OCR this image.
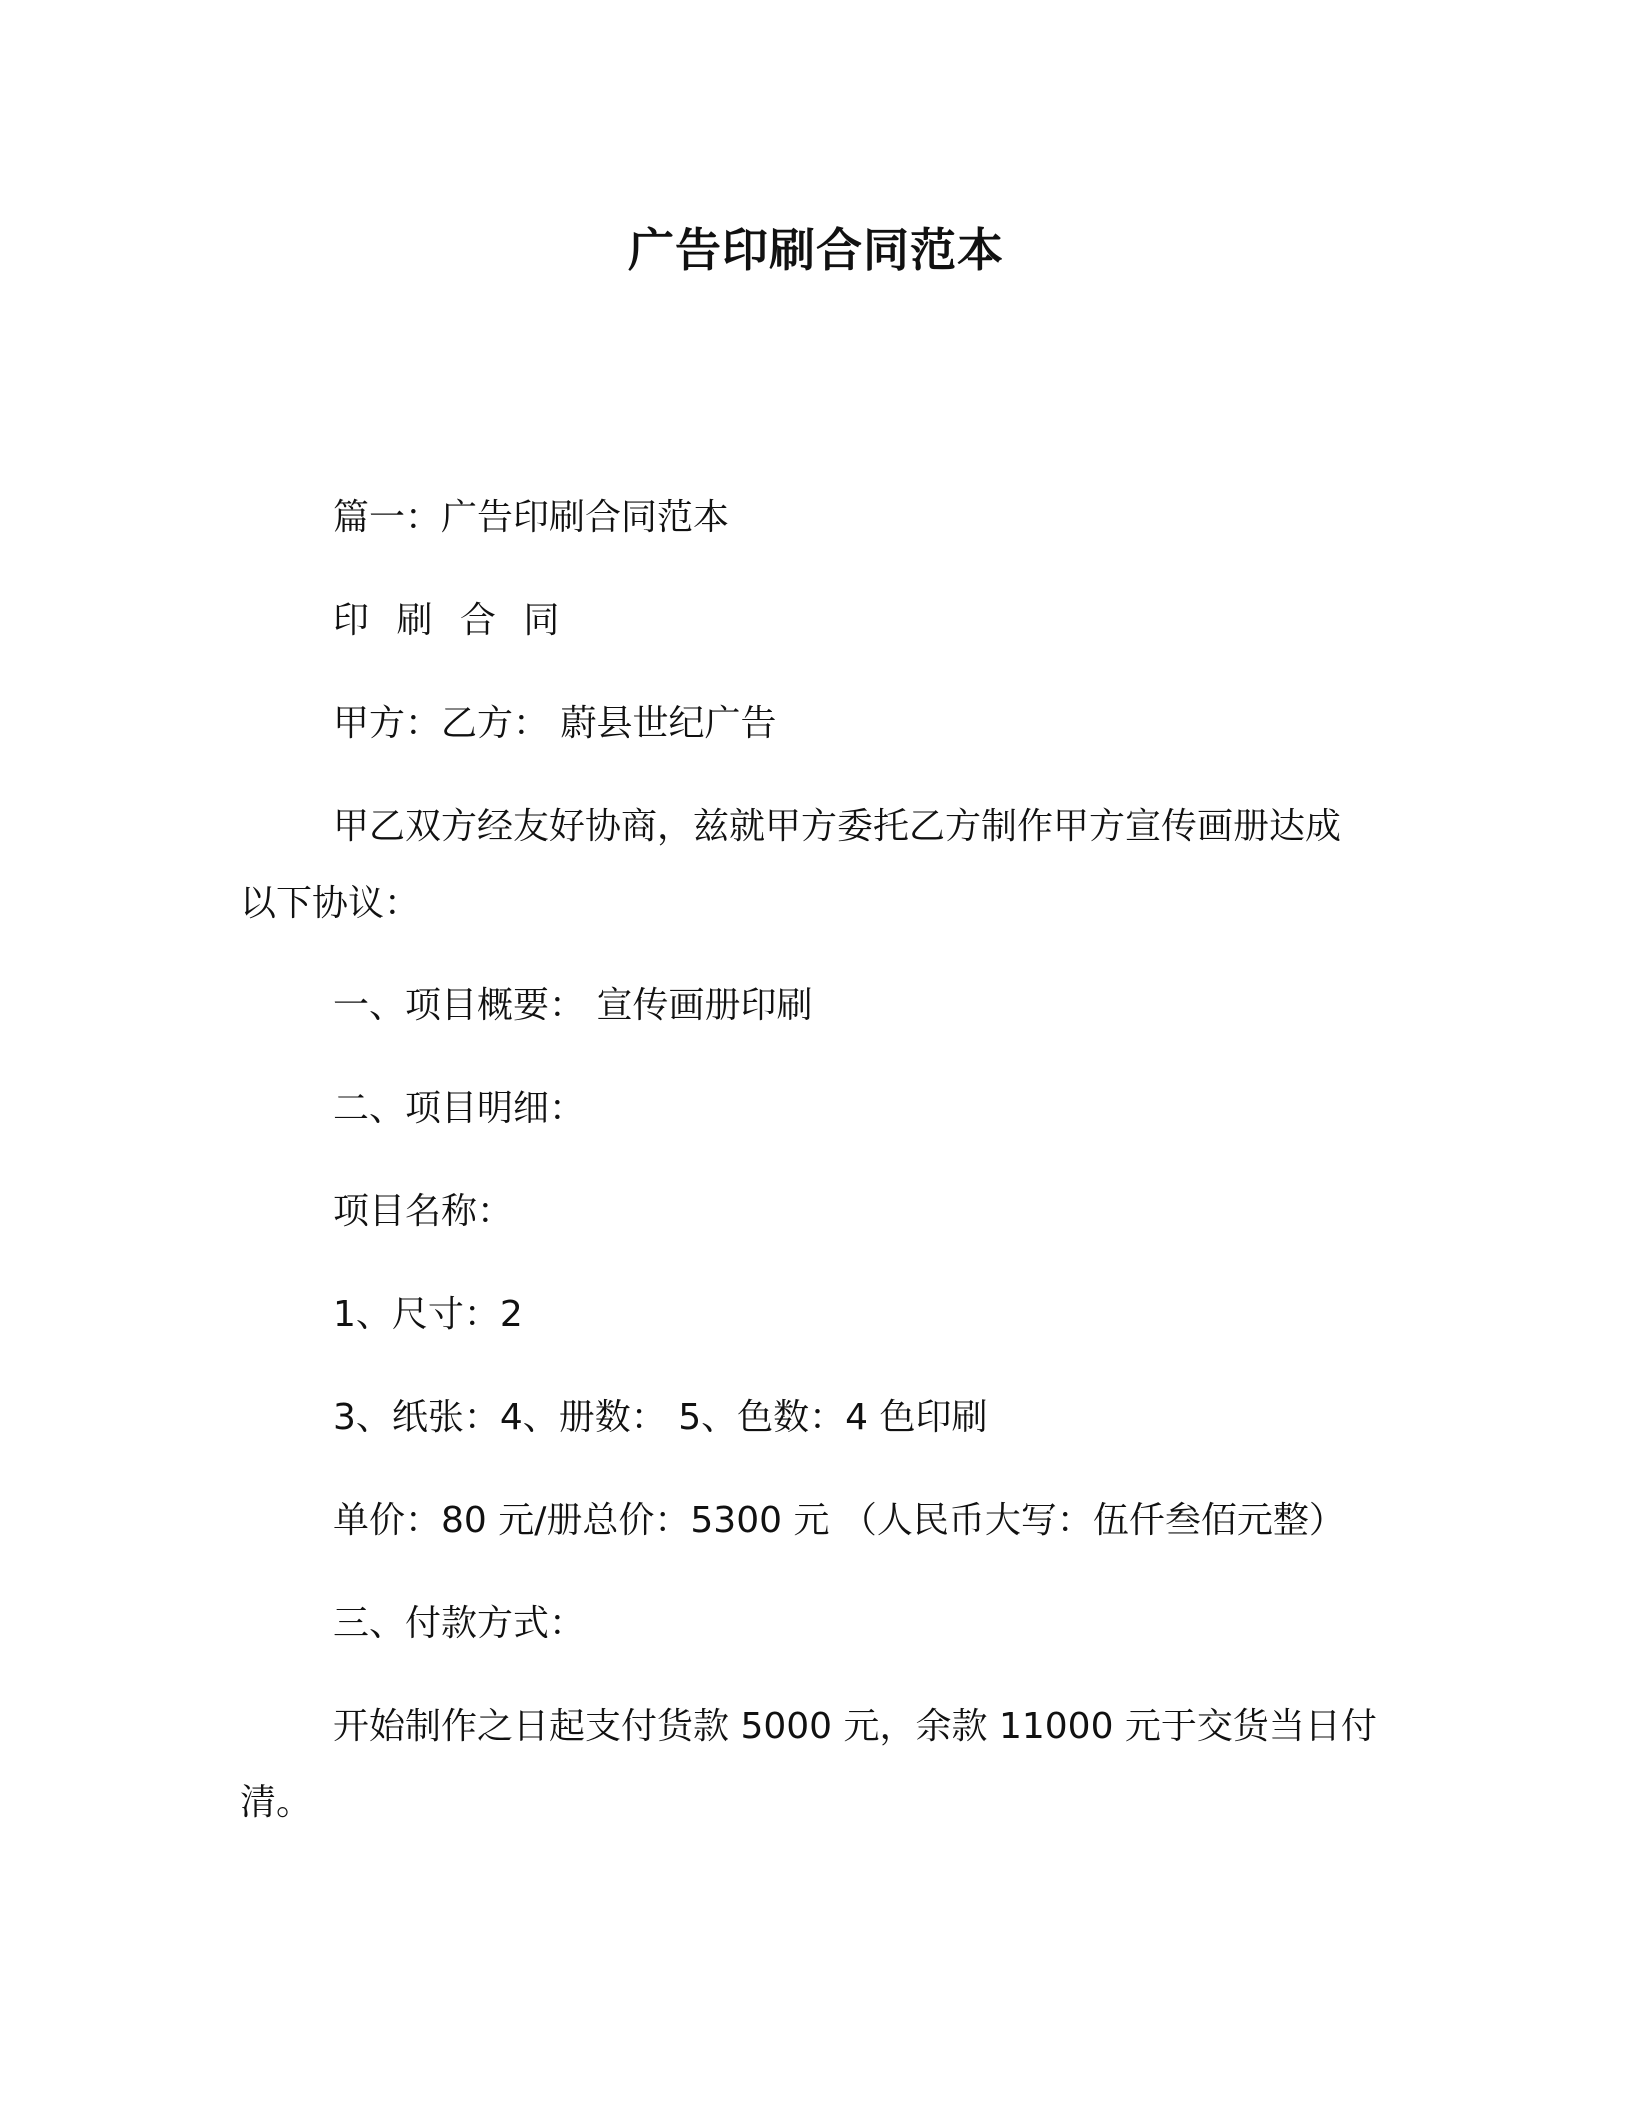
广告印刷合同范本
篇一：广告印刷合同范本
印 刷 合 同
甲方：乙方： 蔚县世纪广告
甲乙双方经友好协商，兹就甲方委托乙方制作甲方宣传画册达成
以下协议：
一、项目概要： 宣传画册印刷
二、项目明细：
项目名称：
1、尺寸：2
3、纸张：4、册数： 5、色数：4 色印刷
单价：80 元/册总价：5300 元 （人民币大写：伍仟叁佰元整）
三、付款方式：
开始制作之日起支付货款 5000 元，余款 11000 元于交货当日付
清。
